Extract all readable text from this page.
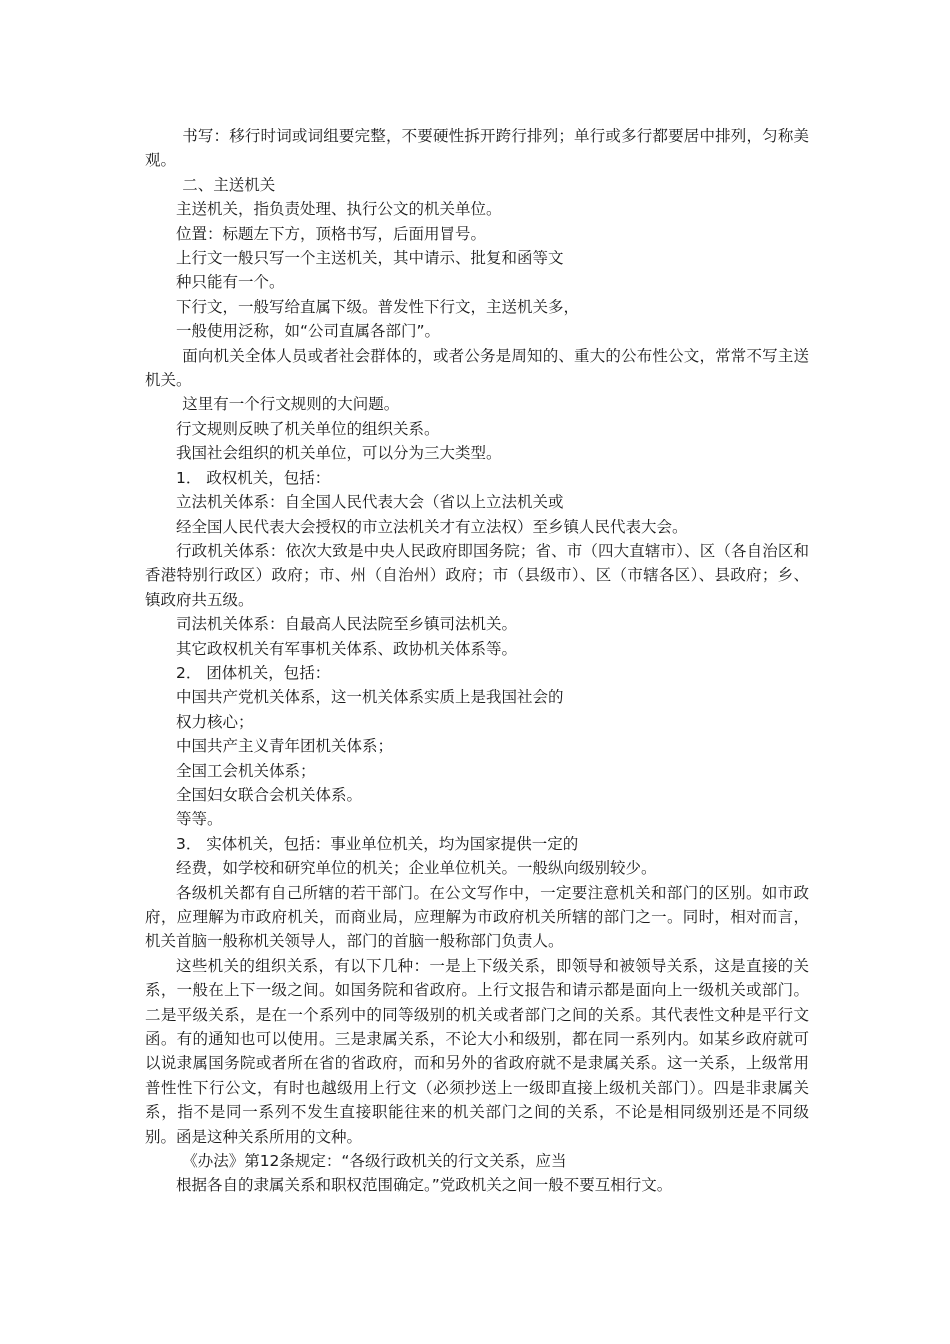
书写：移行时词或词组要完整，不要硬性拆开跨行排列；单行或多行都要居中排列，匀称美观。

二、主送机关

主送机关，指负责处理、执行公文的机关单位。

位置：标题左下方，顶格书写，后面用冒号。

上行文一般只写一个主送机关，其中请示、批复和函等文

种只能有一个。

下行文，一般写给直属下级。普发性下行文，主送机关多，

一般使用泛称，如“公司直属各部门”。

面向机关全体人员或者社会群体的，或者公务是周知的、重大的公布性公文，常常不写主送机关。

这里有一个行文规则的大问题。

行文规则反映了机关单位的组织关系。

我国社会组织的机关单位，可以分为三大类型。

1． 政权机关，包括：

立法机关体系：自全国人民代表大会（省以上立法机关或

经全国人民代表大会授权的市立法机关才有立法权）至乡镇人民代表大会。

行政机关体系：依次大致是中央人民政府即国务院；省、市（四大直辖市）、区（各自治区和香港特别行政区）政府；市、州（自治州）政府；市（县级市）、区（市辖各区）、县政府；乡、镇政府共五级。

司法机关体系：自最高人民法院至乡镇司法机关。

其它政权机关有军事机关体系、政协机关体系等。

2． 团体机关，包括：

中国共产党机关体系，这一机关体系实质上是我国社会的

权力核心；

中国共产主义青年团机关体系；

全国工会机关体系；

全国妇女联合会机关体系。

等等。

3． 实体机关，包括：事业单位机关，均为国家提供一定的

经费，如学校和研究单位的机关；企业单位机关。一般纵向级别较少。

各级机关都有自己所辖的若干部门。在公文写作中，一定要注意机关和部门的区别。如市政府，应理解为市政府机关，而商业局，应理解为市政府机关所辖的部门之一。同时，相对而言，机关首脑一般称机关领导人，部门的首脑一般称部门负责人。

这些机关的组织关系，有以下几种：一是上下级关系，即领导和被领导关系，这是直接的关系，一般在上下一级之间。如国务院和省政府。上行文报告和请示都是面向上一级机关或部门。二是平级关系，是在一个系列中的同等级别的机关或者部门之间的关系。其代表性文种是平行文函。有的通知也可以使用。三是隶属关系，不论大小和级别，都在同一系列内。如某乡政府就可以说隶属国务院或者所在省的省政府，而和另外的省政府就不是隶属关系。这一关系，上级常用普性性下行公文，有时也越级用上行文（必须抄送上一级即直接上级机关部门）。四是非隶属关系，指不是同一系列不发生直接职能往来的机关部门之间的关系，不论是相同级别还是不同级别。函是这种关系所用的文种。

《办法》第12条规定：“各级行政机关的行文关系，应当

根据各自的隶属关系和职权范围确定。”党政机关之间一般不要互相行文。
